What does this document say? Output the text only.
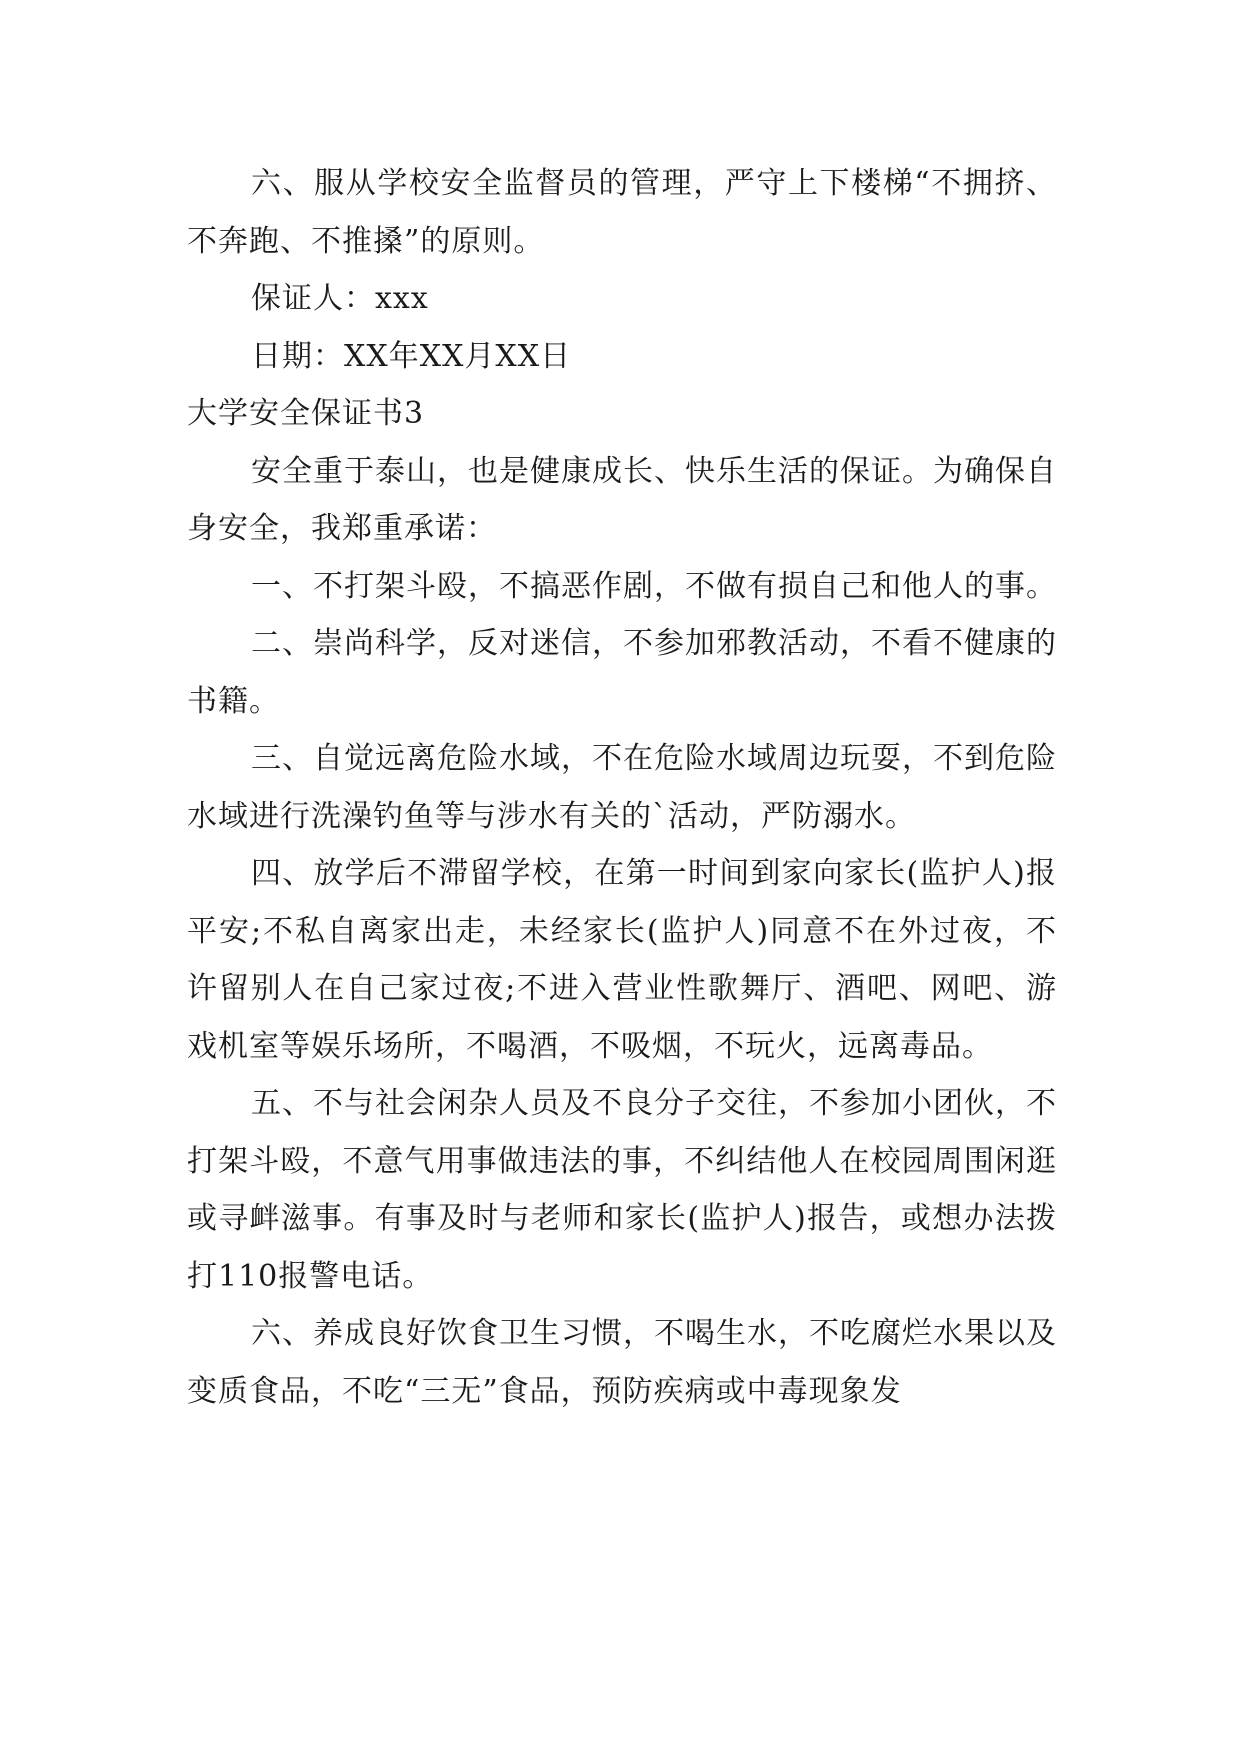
六、服从学校安全监督员的管理，严守上下楼梯“不拥挤、不奔跑、不推搡”的原则。

保证人：xxx

日期：XX年XX月XX日

大学安全保证书3

安全重于泰山，也是健康成长、快乐生活的保证。为确保自身安全，我郑重承诺：

一、不打架斗殴，不搞恶作剧，不做有损自己和他人的事。

二、崇尚科学，反对迷信，不参加邪教活动，不看不健康的书籍。

三、自觉远离危险水域，不在危险水域周边玩耍，不到危险水域进行洗澡钓鱼等与涉水有关的`活动，严防溺水。

四、放学后不滞留学校，在第一时间到家向家长(监护人)报平安;不私自离家出走，未经家长(监护人)同意不在外过夜，不许留别人在自己家过夜;不进入营业性歌舞厅、酒吧、网吧、游戏机室等娱乐场所，不喝酒，不吸烟，不玩火，远离毒品。

五、不与社会闲杂人员及不良分子交往，不参加小团伙，不打架斗殴，不意气用事做违法的事，不纠结他人在校园周围闲逛或寻衅滋事。有事及时与老师和家长(监护人)报告，或想办法拨打110报警电话。

六、养成良好饮食卫生习惯，不喝生水，不吃腐烂水果以及变质食品，不吃“三无”食品，预防疾病或中毒现象发
